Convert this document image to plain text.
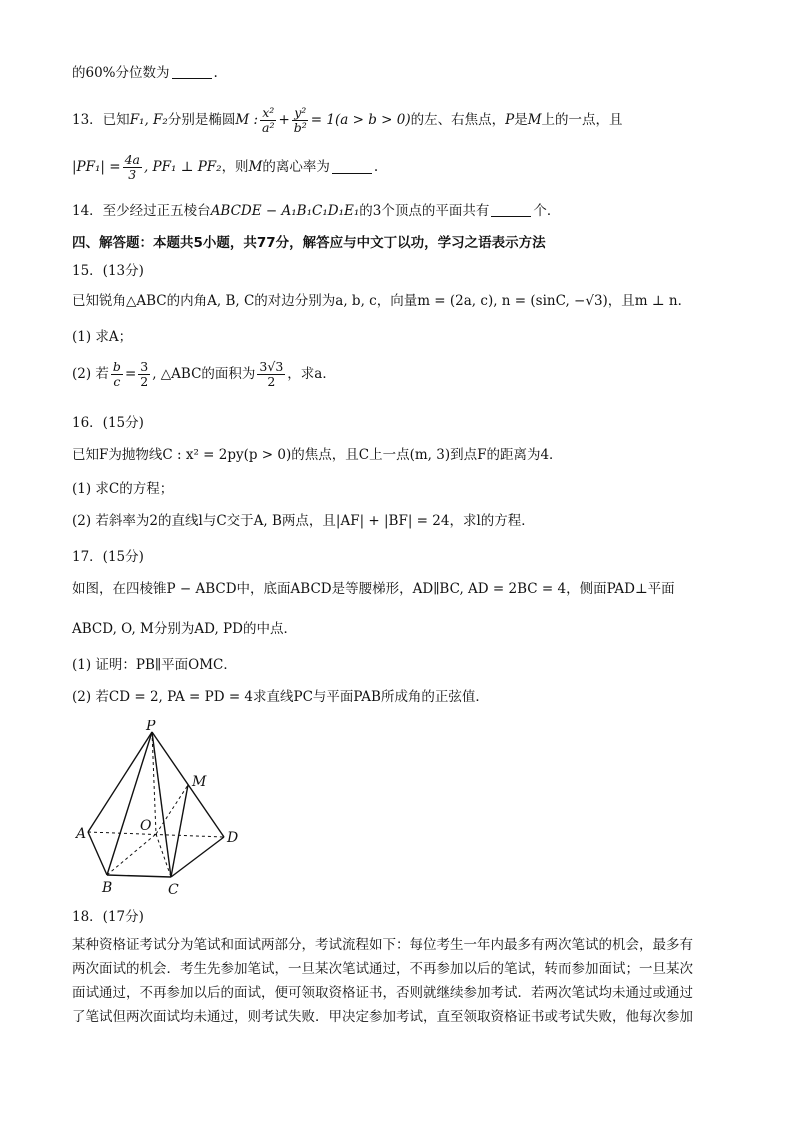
的60%分位数为	.
13．已知 F₁, F₂ 分别是椭圆 M : $\frac{\text{x²}}{\text{a²}} + \frac{\text{y²}}{\text{b²}} = 1(a > b > 0)$ 的左、右焦点， P 是 M 上的一点，且
$|PF_1| = \frac{4a}{3}$ , PF₁ ⊥ PF₂ ，则 M 的离心率为	.
14．至少经过正五棱台ABCDE − A₁B₁C₁D₁E₁的3个顶点的平面共有	个．
四、解答题：本题共5小题，共77分，解答应与中文丁以功，学习之语表示方法
15．(13分)
已知锐角△ABC的内角A, B, C的对边分别为a, b, c，向量m = (2a, c), n = (sinC, −√3)，且m ⊥ n．
(1) 求A；
(2) 若 $\frac{b}{c} = \frac{3}{2}$ , △ABC的面积为 $\frac{3√3}{2}$ ，求a．
16．(15分)
已知F为抛物线C : x² = 2py(p > 0)的焦点，且C上一点(m, 3)到点F的距离为4．
(1) 求C的方程；
(2) 若斜率为2的直线l与C交于A, B两点，且|AF| + |BF| = 24，求l的方程．
17．(15分)
如图，在四棱锥P − ABCD中，底面ABCD是等腰梯形，AD∥BC, AD = 2BC = 4，侧面PAD⊥平面
ABCD, O, M分别为AD, PD的中点．
(1) 证明：PB∥平面OMC．
(2) 若CD = 2, PA = PD = 4求直线PC与平面PAB所成角的正弦值．
P
M
O
A	D
B	C
18．(17分)
某种资格证考试分为笔试和面试两部分，考试流程如下：每位考生一年内最多有两次笔试的机会，最多有
两次面试的机会．考生先参加笔试，一旦某次笔试通过，不再参加以后的笔试，转而参加面试；一旦某次
面试通过，不再参加以后的面试，便可领取资格证书，否则就继续参加考试．若两次笔试均未通过或通过
了笔试但两次面试均未通过，则考试失败．甲决定参加考试，直至领取资格证书或考试失败，他每次参加
